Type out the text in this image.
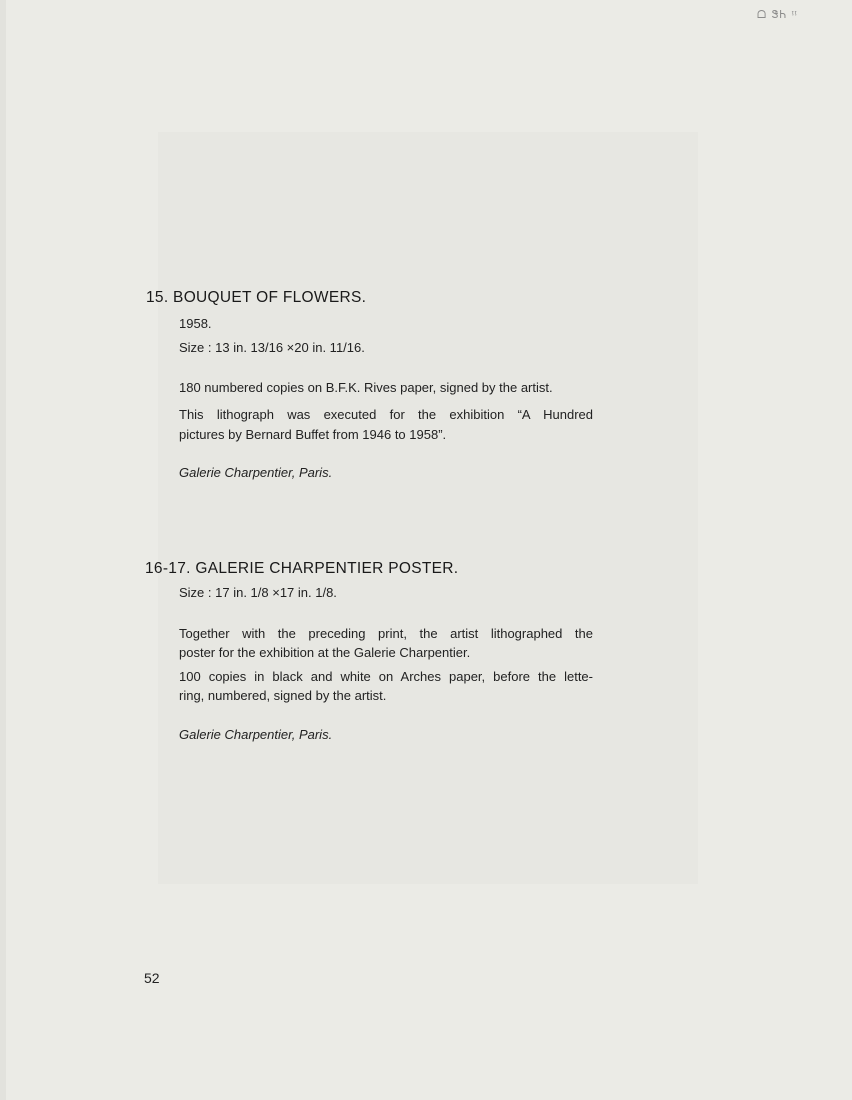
ᗝ ᏕᏂ ᵎᵎ
15. BOUQUET OF FLOWERS.
1958.
Size : 13 in. 13/16 ×20 in. 11/16.
180 numbered copies on B.F.K. Rives paper, signed by the artist.
This lithograph was executed for the exhibition “A Hundred
pictures by Bernard Buffet from 1946 to 1958”.
Galerie Charpentier, Paris.
16-17. GALERIE CHARPENTIER POSTER.
Size : 17 in. 1/8 ×17 in. 1/8.
Together with the preceding print, the artist lithographed the
poster for the exhibition at the Galerie Charpentier.
100 copies in black and white on Arches paper, before the lette-
ring, numbered, signed by the artist.
Galerie Charpentier, Paris.
52
